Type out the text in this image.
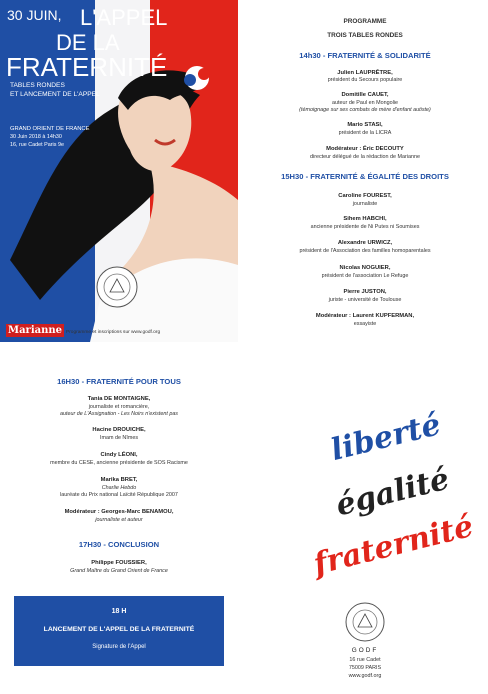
30 JUIN, L'APPEL
DE LA
FRATERNITÉ
TABLES RONDES
ET LANCEMENT DE L'APPEL
GRAND ORIENT DE FRANCE
30 Juin 2018 à 14h30
16, rue Cadet Paris 9e
Marianne Programme et inscriptions sur www.godf.org
PROGRAMME
TROIS TABLES RONDES
14h30 - FRATERNITÉ & SOLIDARITÉ
Julien LAUPRÊTRE,
président du Secours populaire
Domitille CAUET,
auteur de Paul en Mongolie
(témoignage sur ses combats de mère d'enfant autiste)
Mario STASI,
président de la LICRA
Modérateur : Éric DECOUTY
directeur délégué de la rédaction de Marianne
15H30 - FRATERNITÉ & ÉGALITÉ DES DROITS
Caroline FOUREST,
journaliste
Sihem HABCHI,
ancienne présidente de Ni Putes ni Soumises
Alexandre URWICZ,
président de l'Association des familles homoparentales
Nicolas NOGUIER,
président de l'association Le Refuge
Pierre JUSTON,
juriste - université de Toulouse
Modérateur : Laurent KUPFERMAN,
essayiste
16H30 - FRATERNITÉ POUR TOUS
Tania DE MONTAIGNE,
journaliste et romancière,
auteur de L'Assignation - Les Noirs n'existent pas
Hacine DROUICHE,
Imam de Nîmes
Cindy LÉONI,
membre du CESE, ancienne présidente de SOS Racisme
Marika BRET,
Charlie Hebdo
lauréate du Prix national Laïcité République 2007
Modérateur : Georges-Marc BENAMOU,
journaliste et auteur
17H30 - CONCLUSION
Philippe FOUSSIER,
Grand Maître du Grand Orient de France
18 H
LANCEMENT DE L'APPEL DE LA FRATERNITÉ
Signature de l'Appel
liberté
égalité
fraternité
GODF
16 rue Cadet
75009 PARIS
www.godf.org
